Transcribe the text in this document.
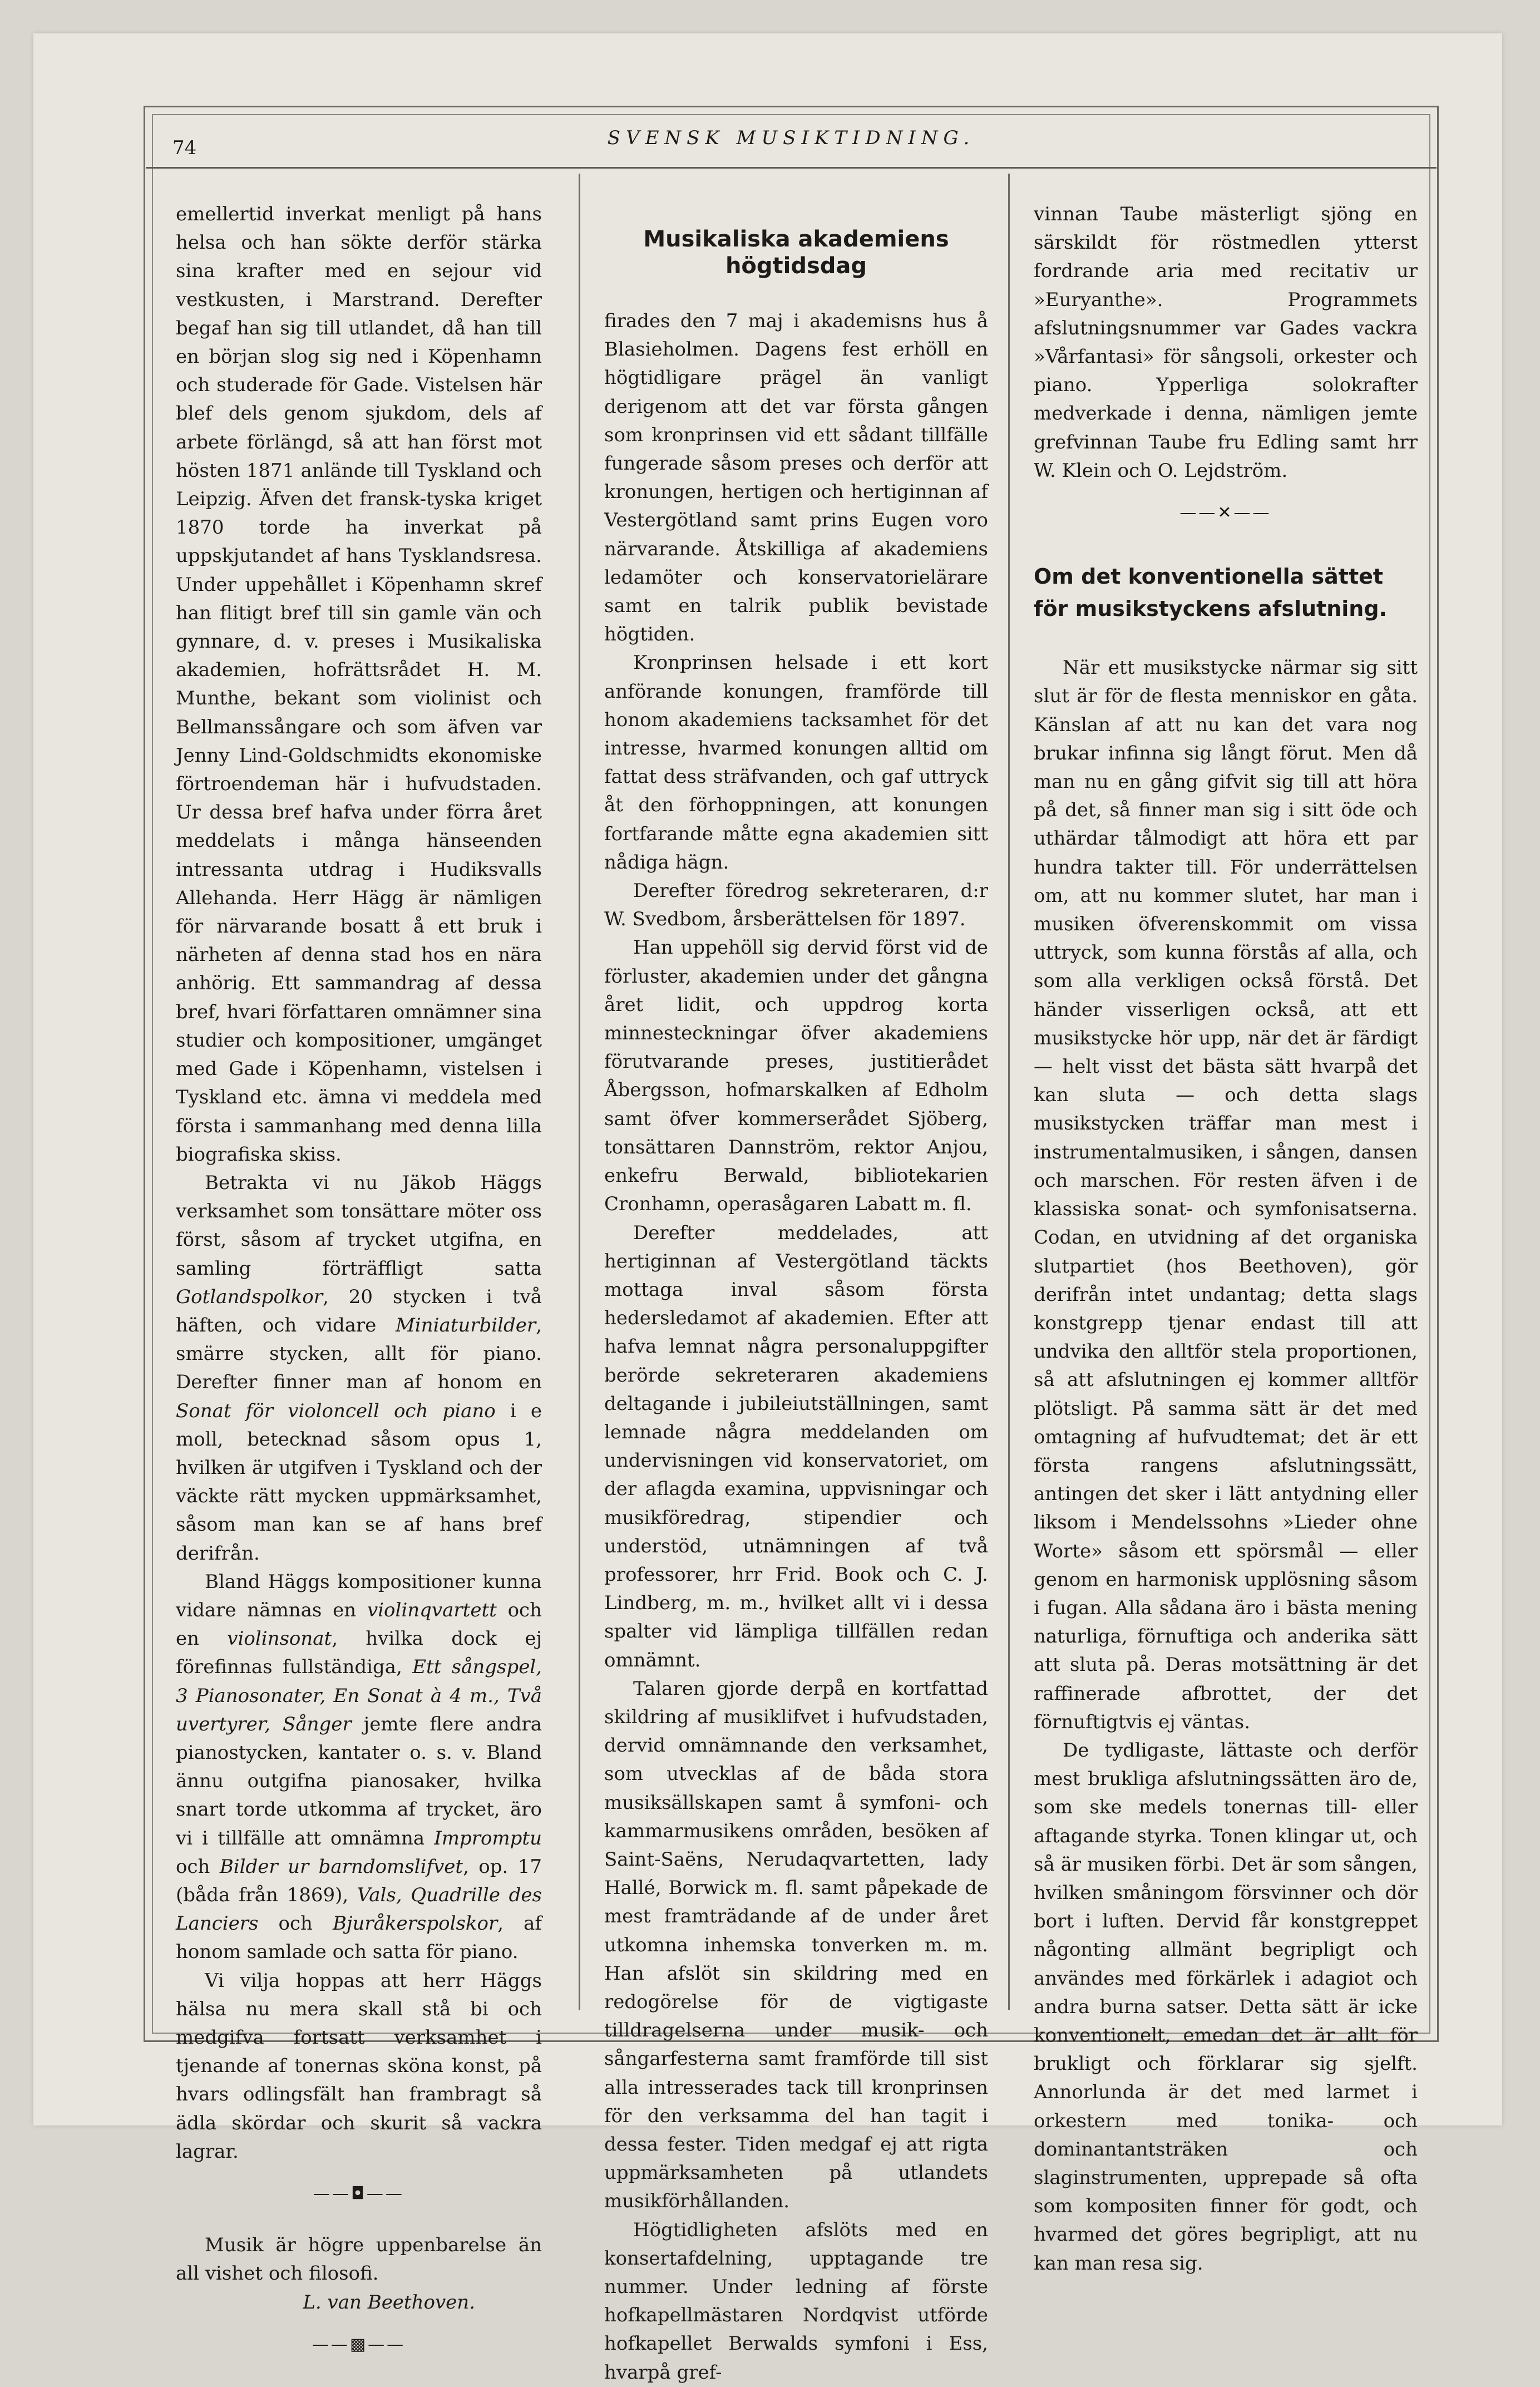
74	SVENSK MUSIKTIDNING.

emellertid inverkat menligt på hans helsa och han sökte derför stärka sina krafter med en sejour vid vestkusten, i Marstrand. Derefter begaf han sig till utlandet, då han till en början slog sig ned i Köpenhamn och studerade för Gade. Vistelsen här blef dels genom sjukdom, dels af arbete förlängd, så att han först mot hösten 1871 anlände till Tyskland och Leipzig. Äfven det fransk-tyska kriget 1870 torde ha inverkat på uppskjutandet af hans Tysklandsresa. Under uppehållet i Köpenhamn skref han flitigt bref till sin gamle vän och gynnare, d. v. preses i Musikaliska akademien, hofrättsrådet H. M. Munthe, bekant som violinist och Bellmanssångare och som äfven var Jenny Lind-Goldschmidts ekonomiske förtroendeman här i hufvudstaden. Ur dessa bref hafva under förra året meddelats i många hänseenden intressanta utdrag i Hudiksvalls Allehanda. Herr Hägg är nämligen för närvarande bosatt å ett bruk i närheten af denna stad hos en nära anhörig. Ett sammandrag af dessa bref, hvari författaren omnämner sina studier och kompositioner, umgänget med Gade i Köpenhamn, vistelsen i Tyskland etc. ämna vi meddela med första i sammanhang med denna lilla biografiska skiss.

Betrakta vi nu Jäkob Häggs verksamhet som tonsättare möter oss först, såsom af trycket utgifna, en samling förträffligt satta Gotlandspolkor, 20 stycken i två häften, och vidare Miniaturbilder, smärre stycken, allt för piano. Derefter finner man af honom en Sonat för violoncell och piano i e moll, betecknad såsom opus 1, hvilken är utgifven i Tyskland och der väckte rätt mycken uppmärksamhet, såsom man kan se af hans bref derifrån.

Bland Häggs kompositioner kunna vidare nämnas en violinqvartett och en violinsonat, hvilka dock ej förefinnas fullständiga, Ett sångspel, 3 Pianosonater, En Sonat à 4 m., Två uvertyrer, Sånger jemte flere andra pianostycken, kantater o. s. v. Bland ännu outgifna pianosaker, hvilka snart torde utkomma af trycket, äro vi i tillfälle att omnämna Impromptu och Bilder ur barndomslifvet, op. 17 (båda från 1869), Vals, Quadrille des Lanciers och Bjuråkerspolskor, af honom samlade och satta för piano.

Vi vilja hoppas att herr Häggs hälsa nu mera skall stå bi och medgifva fortsatt verksamhet i tjenande af tonernas sköna konst, på hvars odlingsfält han frambragt så ädla skördar och skurit så vackra lagrar.

——◘——

Musik är högre uppenbarelse än all vishet och filosofi.

L. van Beethoven.

——▩——

Musikaliska akademiens högtidsdag

firades den 7 maj i akademisns hus å Blasieholmen. Dagens fest erhöll en högtidligare prägel än vanligt derigenom att det var första gången som kronprinsen vid ett sådant tillfälle fungerade såsom preses och derför att kronungen, hertigen och hertiginnan af Vestergötland samt prins Eugen voro närvarande. Åtskilliga af akademiens ledamöter och konservatorielärare samt en talrik publik bevistade högtiden.

Kronprinsen helsade i ett kort anförande konungen, framförde till honom akademiens tacksamhet för det intresse, hvarmed konungen alltid om fattat dess sträfvanden, och gaf uttryck åt den förhoppningen, att konungen fortfarande måtte egna akademien sitt nådiga hägn.

Derefter föredrog sekreteraren, d:r W. Svedbom, årsberättelsen för 1897.

Han uppehöll sig dervid först vid de förluster, akademien under det gångna året lidit, och uppdrog korta minnesteckningar öfver akademiens förutvarande preses, justitierådet Åbergsson, hofmarskalken af Edholm samt öfver kommerserådet Sjöberg, tonsättaren Dannström, rektor Anjou, enkefru Berwald, bibliotekarien Cronhamn, operasågaren Labatt m. fl.

Derefter meddelades, att hertiginnan af Vestergötland täckts mottaga inval såsom första hedersledamot af akademien. Efter att hafva lemnat några personaluppgifter berörde sekreteraren akademiens deltagande i jubileiutställningen, samt lemnade några meddelanden om undervisningen vid konservatoriet, om der aflagda examina, uppvisningar och musikföredrag, stipendier och understöd, utnämningen af två professorer, hrr Frid. Book och C. J. Lindberg, m. m., hvilket allt vi i dessa spalter vid lämpliga tillfällen redan omnämnt.

Talaren gjorde derpå en kortfattad skildring af musiklifvet i hufvudstaden, dervid omnämnande den verksamhet, som utvecklas af de båda stora musiksällskapen samt å symfoni- och kammarmusikens områden, besöken af Saint-Saëns, Nerudaqvartetten, lady Hallé, Borwick m. fl. samt påpekade de mest framträdande af de under året utkomna inhemska tonverken m. m. Han afslöt sin skildring med en redogörelse för de vigtigaste tilldragelserna under musik- och sångarfesterna samt framförde till sist alla intresserades tack till kronprinsen för den verksamma del han tagit i dessa fester. Tiden medgaf ej att rigta uppmärksamheten på utlandets musikförhållanden.

Högtidligheten afslöts med en konsertafdelning, upptagande tre nummer. Under ledning af förste hofkapellmästaren Nordqvist utförde hofkapellet Berwalds symfoni i Ess, hvarpå gref-

vinnan Taube mästerligt sjöng en särskildt för röstmedlen ytterst fordrande aria med recitativ ur »Euryanthe». Programmets afslutningsnummer var Gades vackra »Vårfantasi» för sångsoli, orkester och piano. Ypperliga solokrafter medverkade i denna, nämligen jemte grefvinnan Taube fru Edling samt hrr W. Klein och O. Lejdström.

——✕——

Om det konventionella sättet för musikstyckens afslutning.

När ett musikstycke närmar sig sitt slut är för de flesta menniskor en gåta. Känslan af att nu kan det vara nog brukar infinna sig långt förut. Men då man nu en gång gifvit sig till att höra på det, så finner man sig i sitt öde och uthärdar tålmodigt att höra ett par hundra takter till. För underrättelsen om, att nu kommer slutet, har man i musiken öfverenskommit om vissa uttryck, som kunna förstås af alla, och som alla verkligen också förstå. Det händer visserligen också, att ett musikstycke hör upp, när det är färdigt — helt visst det bästa sätt hvarpå det kan sluta — och detta slags musikstycken träffar man mest i instrumentalmusiken, i sången, dansen och marschen. För resten äfven i de klassiska sonat- och symfonisatserna. Codan, en utvidning af det organiska slutpartiet (hos Beethoven), gör derifrån intet undantag; detta slags konstgrepp tjenar endast till att undvika den alltför stela proportionen, så att afslutningen ej kommer alltför plötsligt. På samma sätt är det med omtagning af hufvudtemat; det är ett första rangens afslutningssätt, antingen det sker i lätt antydning eller liksom i Mendelssohns »Lieder ohne Worte» såsom ett spörsmål — eller genom en harmonisk upplösning såsom i fugan. Alla sådana äro i bästa mening naturliga, förnuftiga och anderika sätt att sluta på. Deras motsättning är det raffinerade afbrottet, der det förnuftigtvis ej väntas.

De tydligaste, lättaste och derför mest brukliga afslutningssätten äro de, som ske medels tonernas till- eller aftagande styrka. Tonen klingar ut, och så är musiken förbi. Det är som sången, hvilken småningom försvinner och dör bort i luften. Dervid får konstgreppet någonting allmänt begripligt och användes med förkärlek i adagiot och andra burna satser. Detta sätt är icke konventionelt, emedan det är allt för brukligt och förklarar sig sjelft. Annorlunda är det med larmet i orkestern med tonika- och dominantantsträken och slaginstrumenten, upprepade så ofta som kompositen finner för godt, och hvarmed det göres begripligt, att nu kan man resa sig.
